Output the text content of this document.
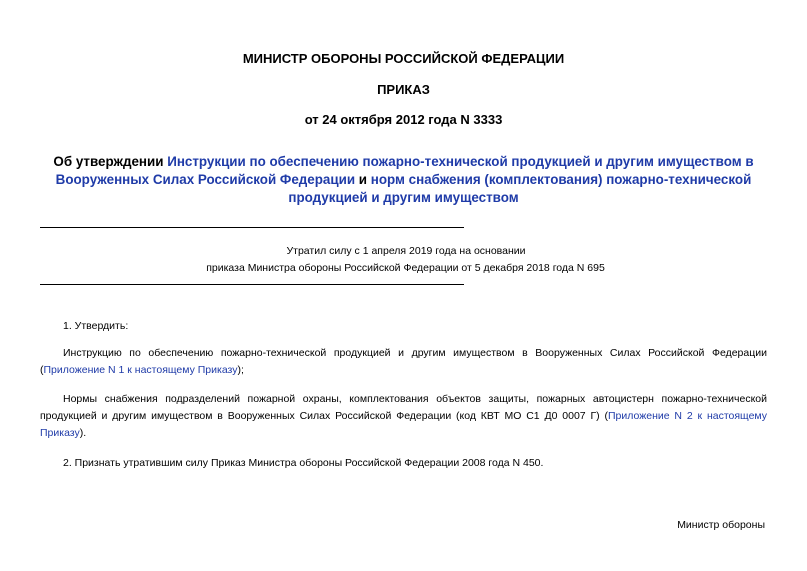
МИНИСТР ОБОРОНЫ РОССИЙСКОЙ ФЕДЕРАЦИИ
ПРИКАЗ
от 24 октября 2012 года N 3333
Об утверждении Инструкции по обеспечению пожарно-технической продукцией и другим имуществом в Вооруженных Силах Российской Федерации и норм снабжения (комплектования) пожарно-технической продукцией и другим имуществом
Утратил силу с 1 апреля 2019 года на основании
приказа Министра обороны Российской Федерации от 5 декабря 2018 года N 695
1. Утвердить:
Инструкцию по обеспечению пожарно-технической продукцией и другим имуществом в Вооруженных Силах Российской Федерации (Приложение N 1 к настоящему Приказу);
Нормы снабжения подразделений пожарной охраны, комплектования объектов защиты, пожарных автоцистерн пожарно-технической продукцией и другим имуществом в Вооруженных Силах Российской Федерации (код КВТ МО С1 Д0 0007 Г) (Приложение N 2 к настоящему Приказу).
2. Признать утратившим силу Приказ Министра обороны Российской Федерации 2008 года N 450.
Министр обороны
